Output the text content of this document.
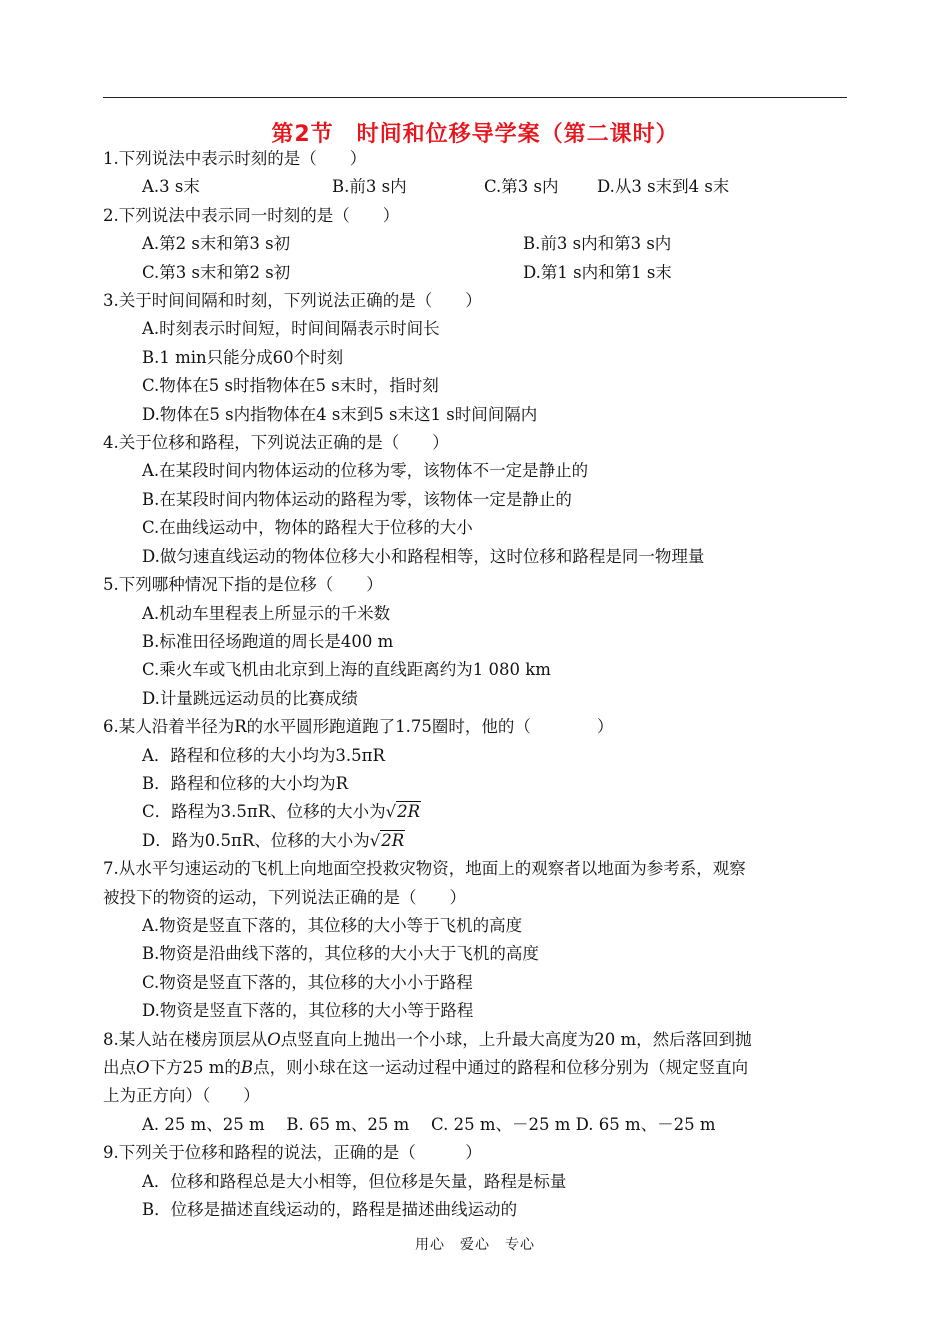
第2节　时间和位移导学案（第二课时）
1.下列说法中表示时刻的是（　　）
A.3 s末	B.前3 s内	C.第3 s内	D.从3 s末到4 s末
2.下列说法中表示同一时刻的是（　　）
A.第2 s末和第3 s初	B.前3 s内和第3 s内
C.第3 s末和第2 s初	D.第1 s内和第1 s末
3.关于时间间隔和时刻，下列说法正确的是（　　）
A.时刻表示时间短，时间间隔表示时间长
B.1 min只能分成60个时刻
C.物体在5 s时指物体在5 s末时，指时刻
D.物体在5 s内指物体在4 s末到5 s末这1 s时间间隔内
4.关于位移和路程，下列说法正确的是（　　）
A.在某段时间内物体运动的位移为零，该物体不一定是静止的
B.在某段时间内物体运动的路程为零，该物体一定是静止的
C.在曲线运动中，物体的路程大于位移的大小
D.做匀速直线运动的物体位移大小和路程相等，这时位移和路程是同一物理量
5.下列哪种情况下指的是位移（　　）
A.机动车里程表上所显示的千米数
B.标准田径场跑道的周长是400 m
C.乘火车或飞机由北京到上海的直线距离约为1 080 km
D.计量跳远运动员的比赛成绩
6.某人沿着半径为R的水平圆形跑道跑了1.75圈时，他的（　　　　）
A．路程和位移的大小均为3.5πR
B．路程和位移的大小均为R
C．路程为3.5πR、位移的大小为√2R
D．路为0.5πR、位移的大小为√2R
7.从水平匀速运动的飞机上向地面空投救灾物资，地面上的观察者以地面为参考系，观察
被投下的物资的运动，下列说法正确的是（　　）
A.物资是竖直下落的，其位移的大小等于飞机的高度
B.物资是沿曲线下落的，其位移的大小大于飞机的高度
C.物资是竖直下落的，其位移的大小小于路程
D.物资是竖直下落的，其位移的大小等于路程
8.某人站在楼房顶层从O点竖直向上抛出一个小球，上升最大高度为20 m，然后落回到抛
出点O下方25 m的B点，则小球在这一运动过程中通过的路程和位移分别为（规定竖直向
上为正方向）（　　）
A. 25 m、25 m　 B. 65 m、25 m　 C. 25 m、－25 m D. 65 m、－25 m
9.下列关于位移和路程的说法，正确的是（　　　）
A．位移和路程总是大小相等，但位移是矢量，路程是标量
B．位移是描述直线运动的，路程是描述曲线运动的
用心　爱心　专心
